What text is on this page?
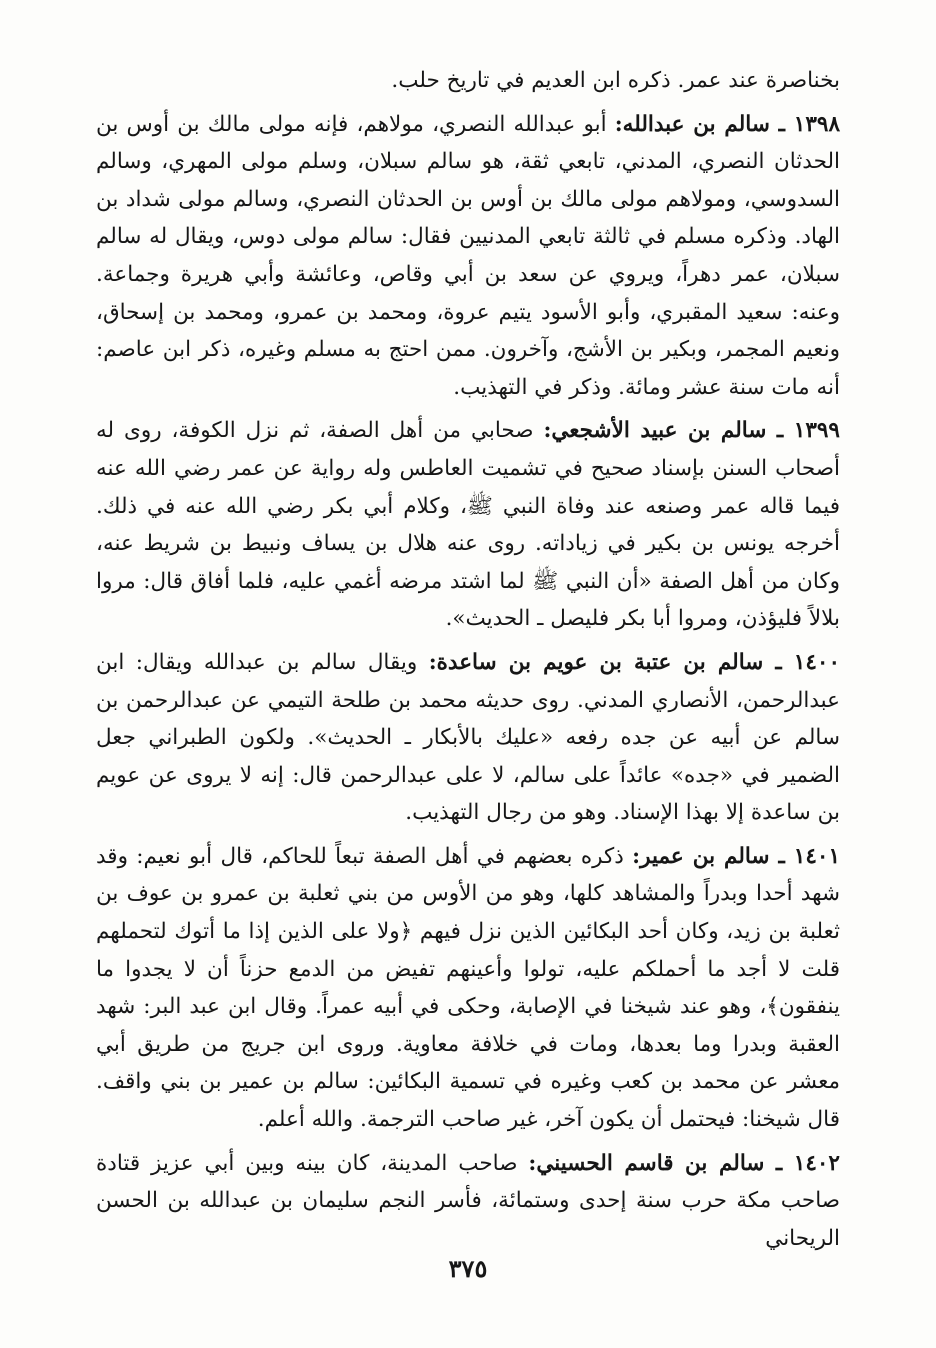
بخناصرة عند عمر. ذكره ابن العديم في تاريخ حلب.

١٣٩٨ ـ سالم بن عبدالله: أبو عبدالله النصري، مولاهم، فإنه مولى مالك بن أوس بن الحدثان النصري، المدني، تابعي ثقة، هو سالم سبلان، وسلم مولى المهري، وسالم السدوسي، ومولاهم مولى مالك بن أوس بن الحدثان النصري، وسالم مولى شداد بن الهاد. وذكره مسلم في ثالثة تابعي المدنيين فقال: سالم مولى دوس، ويقال له سالم سبلان، عمر دهراً، ويروي عن سعد بن أبي وقاص، وعائشة وأبي هريرة وجماعة. وعنه: سعيد المقبري، وأبو الأسود يتيم عروة، ومحمد بن عمرو، ومحمد بن إسحاق، ونعيم المجمر، وبكير بن الأشج، وآخرون. ممن احتج به مسلم وغيره، ذكر ابن عاصم: أنه مات سنة عشر ومائة. وذكر في التهذيب.

١٣٩٩ ـ سالم بن عبيد الأشجعي: صحابي من أهل الصفة، ثم نزل الكوفة، روى له أصحاب السنن بإسناد صحيح في تشميت العاطس وله رواية عن عمر رضي الله عنه فيما قاله عمر وصنعه عند وفاة النبي ﷺ، وكلام أبي بكر رضي الله عنه في ذلك. أخرجه يونس بن بكير في زياداته. روى عنه هلال بن يساف ونبيط بن شريط عنه، وكان من أهل الصفة «أن النبي ﷺ لما اشتد مرضه أغمي عليه، فلما أفاق قال: مروا بلالاً فليؤذن، ومروا أبا بكر فليصل ـ الحديث».

١٤٠٠ ـ سالم بن عتبة بن عويم بن ساعدة: ويقال سالم بن عبدالله ويقال: ابن عبدالرحمن، الأنصاري المدني. روى حديثه محمد بن طلحة التيمي عن عبدالرحمن بن سالم عن أبيه عن جده رفعه «عليك بالأبكار ـ الحديث». ولكون الطبراني جعل الضمير في «جده» عائداً على سالم، لا على عبدالرحمن قال: إنه لا يروى عن عويم بن ساعدة إلا بهذا الإسناد. وهو من رجال التهذيب.

١٤٠١ ـ سالم بن عمير: ذكره بعضهم في أهل الصفة تبعاً للحاكم، قال أبو نعيم: وقد شهد أحدا وبدراً والمشاهد كلها، وهو من الأوس من بني ثعلبة بن عمرو بن عوف بن ثعلبة بن زيد، وكان أحد البكائين الذين نزل فيهم ﴿ولا على الذين إذا ما أتوك لتحملهم قلت لا أجد ما أحملكم عليه، تولوا وأعينهم تفيض من الدمع حزناً أن لا يجدوا ما ينفقون﴾، وهو عند شيخنا في الإصابة، وحكى في أبيه عمراً. وقال ابن عبد البر: شهد العقبة وبدرا وما بعدها، ومات في خلافة معاوية. وروى ابن جريج من طريق أبي معشر عن محمد بن كعب وغيره في تسمية البكائين: سالم بن عمير بن بني واقف. قال شيخنا: فيحتمل أن يكون آخر، غير صاحب الترجمة. والله أعلم.

١٤٠٢ ـ سالم بن قاسم الحسيني: صاحب المدينة، كان بينه وبين أبي عزيز قتادة صاحب مكة حرب سنة إحدى وستمائة، فأسر النجم سليمان بن عبدالله بن الحسن الريحاني

٣٧٥
